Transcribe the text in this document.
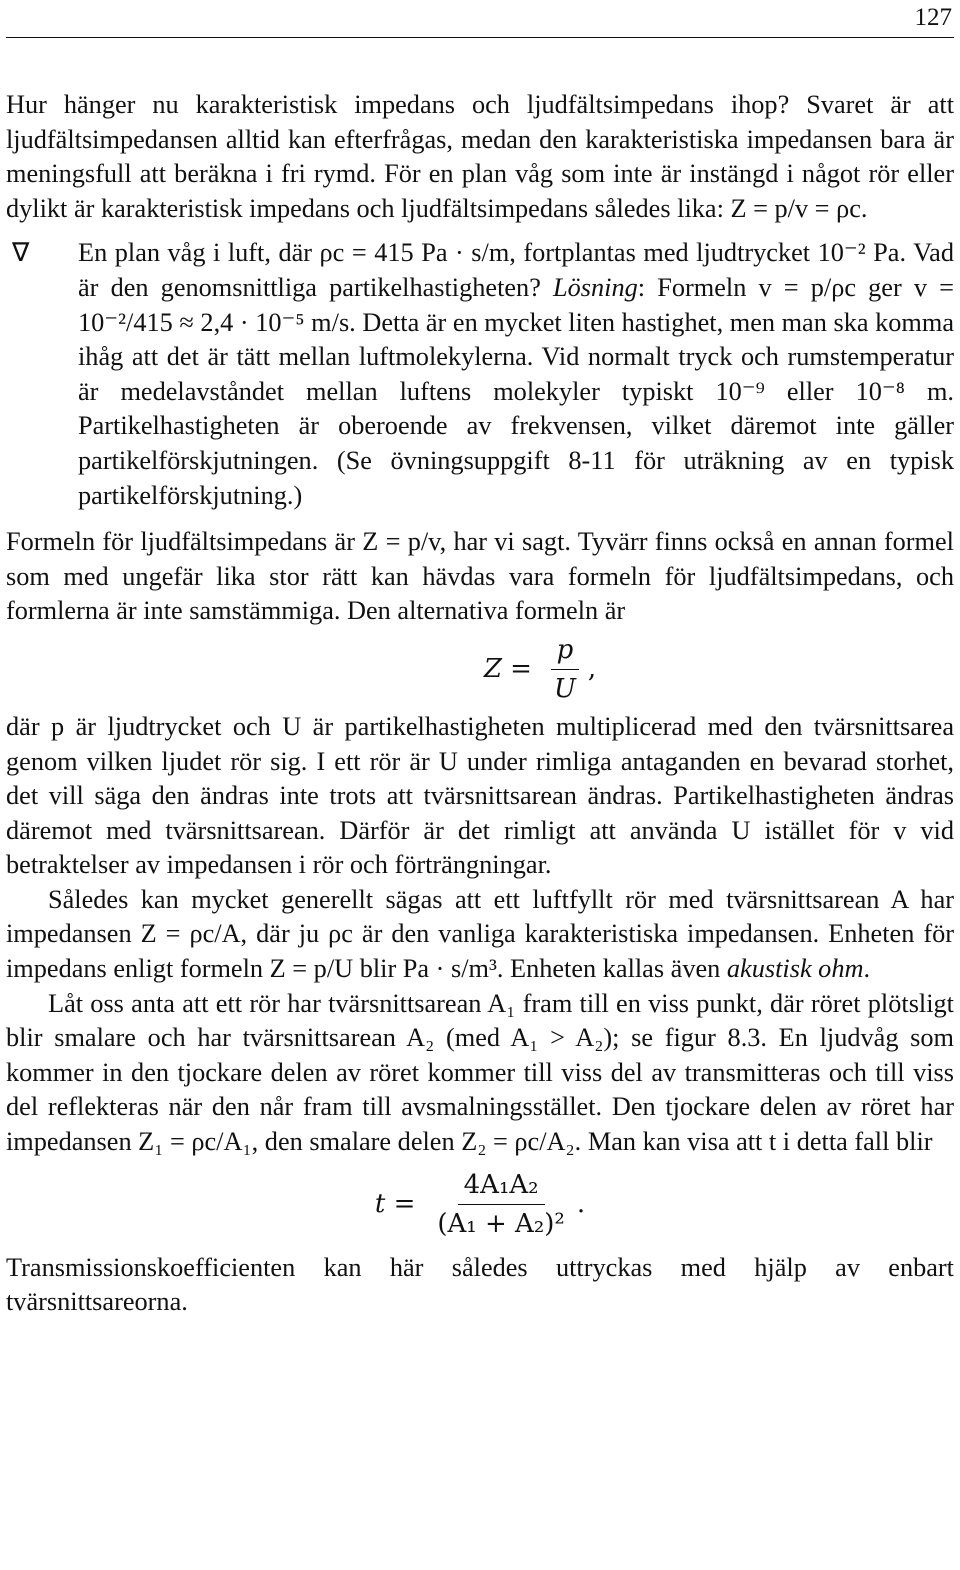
127

Hur hänger nu karakteristisk impedans och ljudfältsimpedans ihop? Svaret är att ljudfältsimpedansen alltid kan efterfrågas, medan den karakteristiska impedansen bara är meningsfull att beräkna i fri rymd. För en plan våg som inte är instängd i något rör eller dylikt är karakteristisk impedans och ljudfältsimpedans således lika: Z = p/v = ρc.

∇ En plan våg i luft, där ρc = 415 Pa · s/m, fortplantas med ljudtrycket 10⁻² Pa. Vad är den genomsnittliga partikelhastigheten? Lösning: Formeln v = p/ρc ger v = 10⁻²/415 ≈ 2,4 · 10⁻⁵ m/s. Detta är en mycket liten hastighet, men man ska komma ihåg att det är tätt mellan luftmolekylerna. Vid normalt tryck och rumstemperatur är medelavståndet mellan luftens molekyler typiskt 10⁻⁹ eller 10⁻⁸ m. Partikelhastigheten är oberoende av frekvensen, vilket däremot inte gäller partikelförskjutningen. (Se övningsuppgift 8-11 för uträkning av en typisk partikelförskjutning.)

Formeln för ljudfältsimpedans är Z = p/v, har vi sagt. Tyvärr finns också en annan formel som med ungefär lika stor rätt kan hävdas vara formeln för ljudfältsimpedans, och formlerna är inte samstämmiga. Den alternativa formeln är

$Z = \frac{p}{U}$ ,

där p är ljudtrycket och U är partikelhastigheten multiplicerad med den tvärsnittsarea genom vilken ljudet rör sig. I ett rör är U under rimliga antaganden en bevarad storhet, det vill säga den ändras inte trots att tvärsnittsarean ändras. Partikelhastigheten ändras däremot med tvärsnittsarean. Därför är det rimligt att använda U istället för v vid betraktelser av impedansen i rör och förträngningar.

Således kan mycket generellt sägas att ett luftfyllt rör med tvärsnittsarean A har impedansen Z = ρc/A, där ju ρc är den vanliga karakteristiska impedansen. Enheten för impedans enligt formeln Z = p/U blir Pa · s/m³. Enheten kallas även akustisk ohm.

Låt oss anta att ett rör har tvärsnittsarean A₁ fram till en viss punkt, där röret plötsligt blir smalare och har tvärsnittsarean A₂ (med A₁ > A₂); se figur 8.3. En ljudvåg som kommer in den tjockare delen av röret kommer till viss del av transmitteras och till viss del reflekteras när den når fram till avsmalningsstället. Den tjockare delen av röret har impedansen Z₁ = ρc/A₁, den smalare delen Z₂ = ρc/A₂. Man kan visa att t i detta fall blir

$t = \frac{\text{4A₁A₂}}{\text{(A₁ + A₂)²}}$ .

Transmissionskoefficienten kan här således uttryckas med hjälp av enbart tvärsnittsareorna.
